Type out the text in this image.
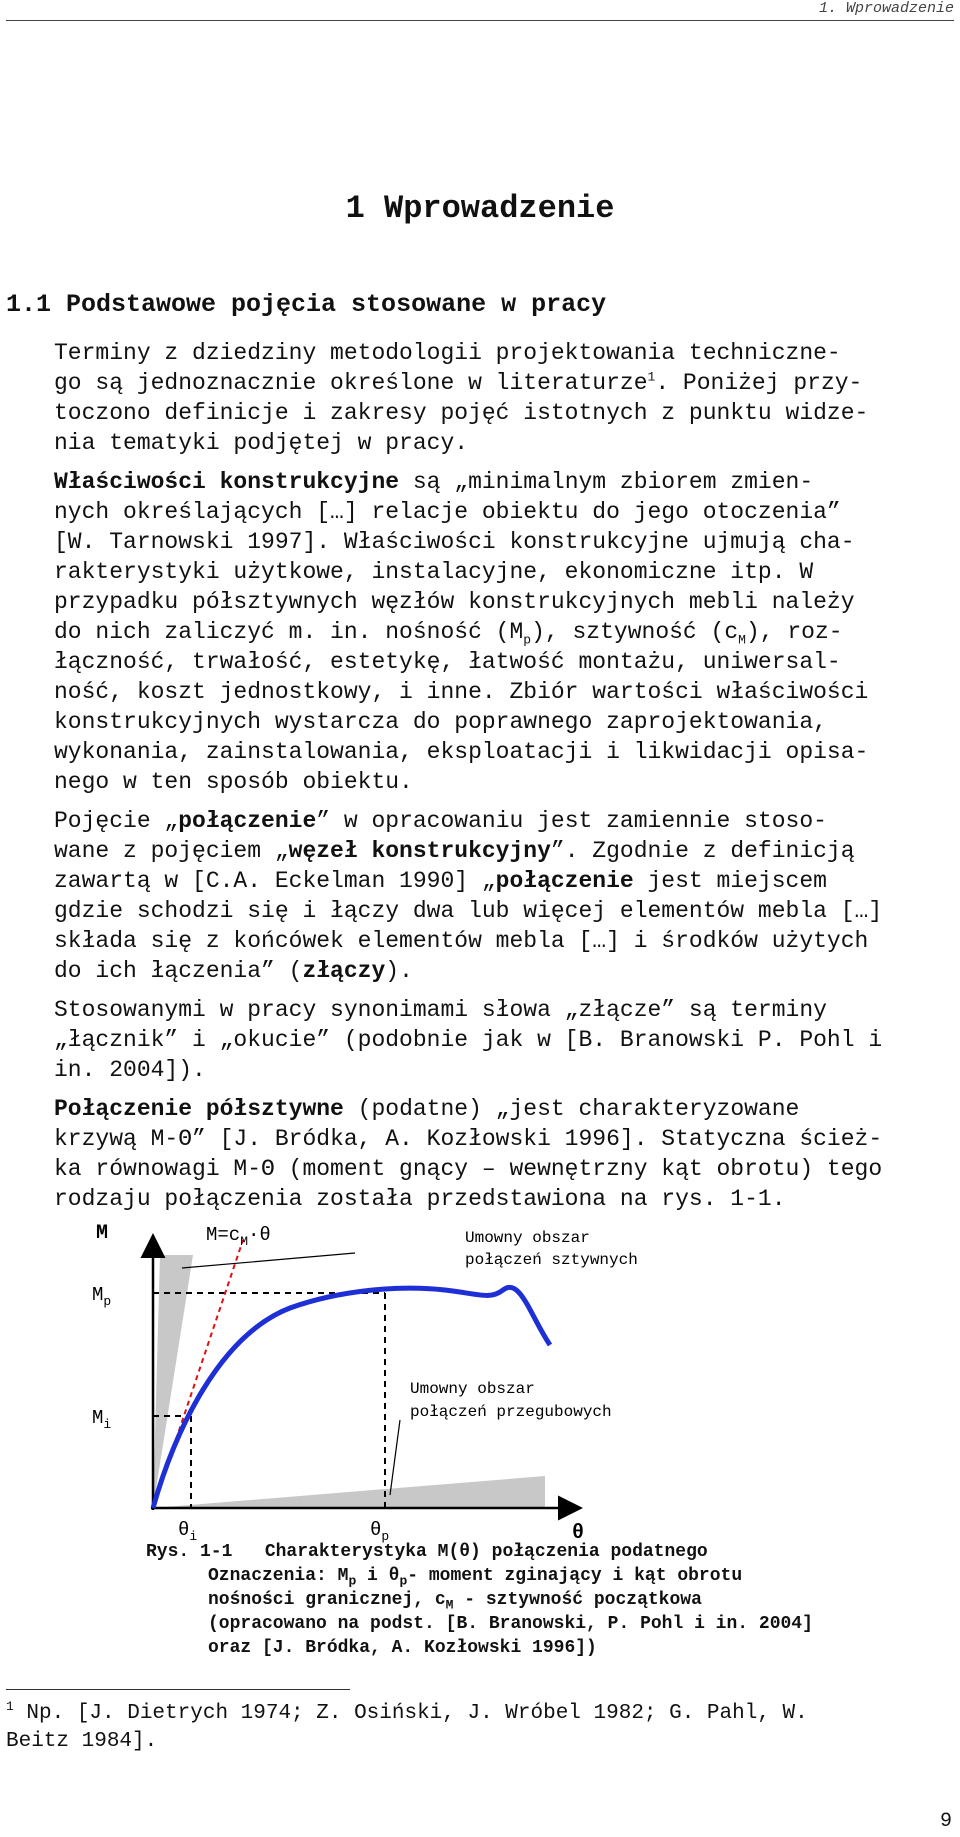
1. Wprowadzenie
1 Wprowadzenie
1.1 Podstawowe pojęcia stosowane w pracy

Terminy z dziedziny metodologii projektowania techniczne-
go są jednoznacznie określone w literaturze$^1$. Poniżej przy-
toczono definicje i zakresy pojęć istotnych z punktu widze-
nia tematyki podjętej w pracy.

Właściwości konstrukcyjne są „minimalnym zbiorem zmien-
nych określających […] relacje obiektu do jego otoczenia”
[W. Tarnowski 1997]. Właściwości konstrukcyjne ujmują cha-
rakterystyki użytkowe, instalacyjne, ekonomiczne itp. W
przypadku półsztywnych węzłów konstrukcyjnych mebli należy
do nich zaliczyć m. in. nośność $(M_p)$, sztywność $(c_M)$, roz-
łączność, trwałość, estetykę, łatwość montażu, uniwersal-
ność, koszt jednostkowy, i inne. Zbiór wartości właściwości
konstrukcyjnych wystarcza do poprawnego zaprojektowania,
wykonania, zainstalowania, eksploatacji i likwidacji opisa-
nego w ten sposób obiektu.

Pojęcie „połączenie” w opracowaniu jest zamiennie stoso-
wane z pojęciem „węzeł konstrukcyjny”. Zgodnie z definicją
zawartą w [C.A. Eckelman 1990] „połączenie jest miejscem
gdzie schodzi się i łączy dwa lub więcej elementów mebla […]
składa się z końcówek elementów mebla […] i środków użytych
do ich łączenia” (złączy).

Stosowanymi w pracy synonimami słowa „złącze” są terminy
„łącznik” i „okucie” (podobnie jak w [B. Branowski P. Pohl i
in. 2004]).

Połączenie półsztywne (podatne) „jest charakteryzowane
krzywą M-Θ” [J. Bródka, A. Kozłowski 1996]. Statyczna ścież-
ka równowagi M-Θ (moment gnący – wewnętrzny kąt obrotu) tego
rodzaju połączenia została przedstawiona na rys. 1-1.

M
θ
$M_p$
$M_i$
$\theta_i$	$\theta_p$
$M=c_M\cdot\theta$	Umowny obszar połączeń sztywnych
Umowny obszar połączeń przegubowych
Rys. 1-1   Charakterystyka M(θ) połączenia podatnego
Oznaczenia: $M_p$ i $\theta_p-$ moment zginający i kąt obrotu
nośności granicznej, $c_M$ - sztywność początkowa
(opracowano na podst. [B. Branowski, P. Pohl i in. 2004]
oraz [J. Bródka, A. Kozłowski 1996])
$^1$ Np. [J. Dietrych 1974; Z. Osiński, J. Wróbel 1982; G. Pahl, W.
Beitz 1984].
9
